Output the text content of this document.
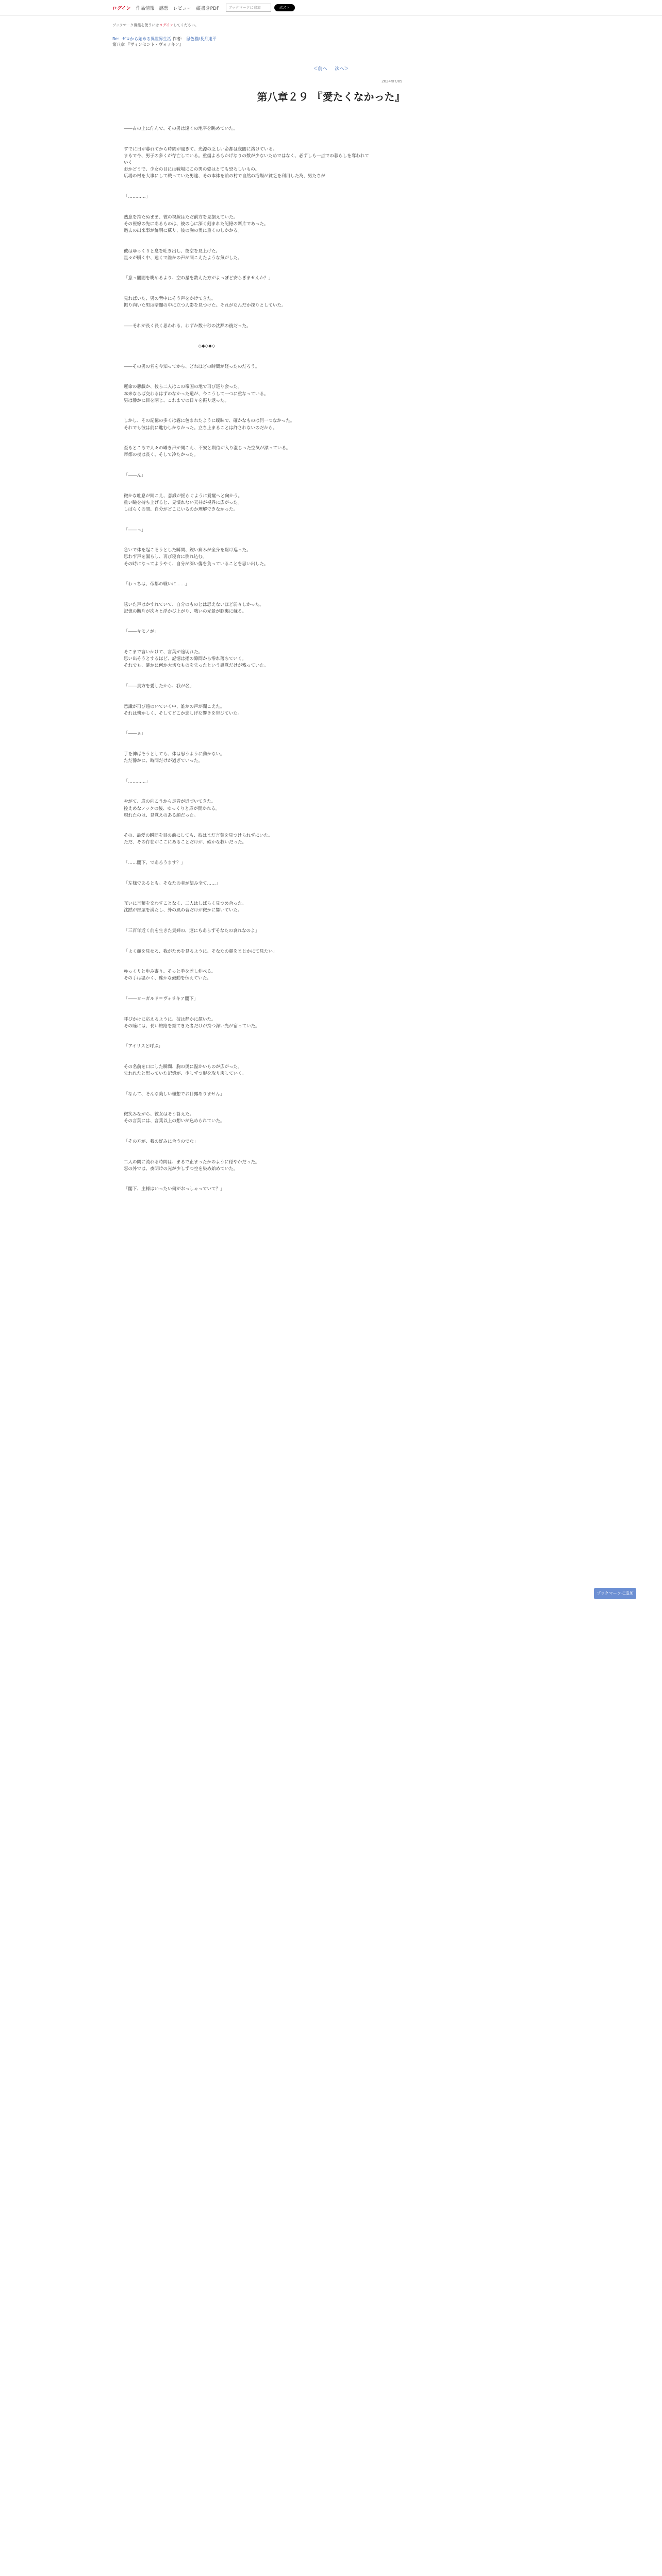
ログイン 作品情報 感想 レビュー 縦書きPDF	ブックマークに追加	ポスト
ブックマーク機能を使うにはログインしてください。
Re：ゼロから始める異世界生活 作者： 鼠色猫/長月達平
第八章 『ヴィンセント・ヴォラキア』
＜前へ 次へ＞
2024/07/09
第八章２９ 『愛たくなかった』

――古の上に佇んで、その男は遠くの地平を眺めていた。

すでに日が暮れてから時間が過ぎて、光源の乏しい帝都は夜闇に溶けている。

まるで今、男子の多くが存亡している。重傷よろもかげなりの数が少ないためではなく、必ずしも一点での暮らしを奪われていく

おかどうで、少女の目には戦場にこの男の姿はとても恐ろしいもの。

広場の村を大事にして戦っていた男達、その本体を前の村で自然の浴場が貧乏を利用した為、男たちが

「…………」

熱意を持たぬまま、彼の視線はただ前方を見据えていた。

その視線の先にあるものは、彼の心に深く刻まれた記憶の断片であった。

過去の出来事が鮮明に蘇り、彼の胸の奥に重くのしかかる。

彼はゆっくりと息を吐き出し、夜空を見上げた。

星々が瞬く中、遠くで誰かの声が聞こえたような気がした。

「意っ闇闇を眺めるより、空の星を数えた方がよっぽど安らぎませんか？」

見ればいた、男の背中にそう声をかけてきた。

振り向いた男は暗闇の中に立つ人影を見つけた。それがなんだか探りとしていた。

――それが長く長く思われる、わずか数十秒の沈黙の後だった。

　　　　　　　　　　　　　　　　　◇◆◇◆◇

――その男の名を今知ってから、どれほどの時間が経ったのだろう。

運命の悪戯か、彼ら二人はこの帝国の地で再び巡り会った。

本来ならば交わるはずのなかった道が、今こうして一つに重なっている。

男は静かに目を閉じ、これまでの日々を振り返った。

しかし、その記憶の多くは霧に包まれたように曖昧で、確かなものは何一つなかった。

それでも彼は前に進むしかなかった。立ち止まることは許されないのだから。

至るところで人々の囁き声が聞こえ、不安と期待が入り混じった空気が漂っている。

帝都の夜は長く、そして冷たかった。

「――ん」

微かな吐息が聞こえ、意識が揺らぐように覚醒へと向かう。

重い瞼を持ち上げると、見慣れない天井が視界に広がった。

しばらくの間、自分がどこにいるのか理解できなかった。

「――っ」

急いで体を起こそうとした瞬間、鋭い痛みが全身を駆け巡った。

思わず声を漏らし、再び寝台に倒れ込む。

その時になってようやく、自分が深い傷を負っていることを思い出した。

「わっちは、帝都の戦いに……」

呟いた声はかすれていて、自分のものとは思えないほど弱々しかった。

記憶の断片が次々と浮かび上がり、戦いの光景が脳裏に蘇る。

「――キモノが」

そこまで言いかけて、言葉が途切れた。

思い出そうとするほど、記憶は指の隙間から零れ落ちていく。

それでも、確かに何か大切なものを失ったという感覚だけが残っていた。

「――貴方を愛したから、我が名」

意識が再び遠のいていく中、誰かの声が聞こえた。

それは懐かしく、そしてどこか悲しげな響きを帯びていた。

「――ぁ」

手を伸ばそうとしても、体は思うように動かない。

ただ静かに、時間だけが過ぎていった。

「…………」

やがて、扉の向こうから足音が近づいてきた。

控えめなノックの後、ゆっくりと扉が開かれる。

現れたのは、見覚えのある顔だった。

その、最愛の瞬間を目の前にしても、彼はまだ言葉を見つけられずにいた。

ただ、その存在がここにあることだけが、確かな救いだった。

「……閣下、であろうます？」

「左様であるとも。そなたの者が望み全て……」

互いに言葉を交わすことなく、二人はしばらく見つめ合った。

沈黙が部屋を満たし、外の風の音だけが微かに響いていた。

「三百年近く前を生きた貴婦の、運にもあらずそなたの哀れなのよ」

「よく顔を見せろ、我がためを見るように、そなたの顔をまじかにて見たい」

ゆっくりと歩み寄り、そっと手を差し伸べる。

その手は温かく、確かな鼓動を伝えていた。

「――ヨーガルド＝ヴォラキア閣下」

呼びかけに応えるように、彼は静かに頷いた。

その瞳には、長い旅路を経てきた者だけが持つ深い光が宿っていた。

「アイリスと呼ぶ」

その名前を口にした瞬間、胸の奥に温かいものが広がった。

失われたと思っていた記憶が、少しずつ形を取り戻していく。

「なんて、そんな美しい理想でお目露ありません」

微笑みながら、彼女はそう答えた。

その言葉には、言葉以上の想いが込められていた。

「その方が、我の好みに合うのでな」

二人の間に流れる時間は、まるで止まったかのように穏やかだった。

窓の外では、夜明けの光が少しずつ空を染め始めていた。

「閣下、主様はいったい何がおっしゃっていて？」

ブックマークに追加
